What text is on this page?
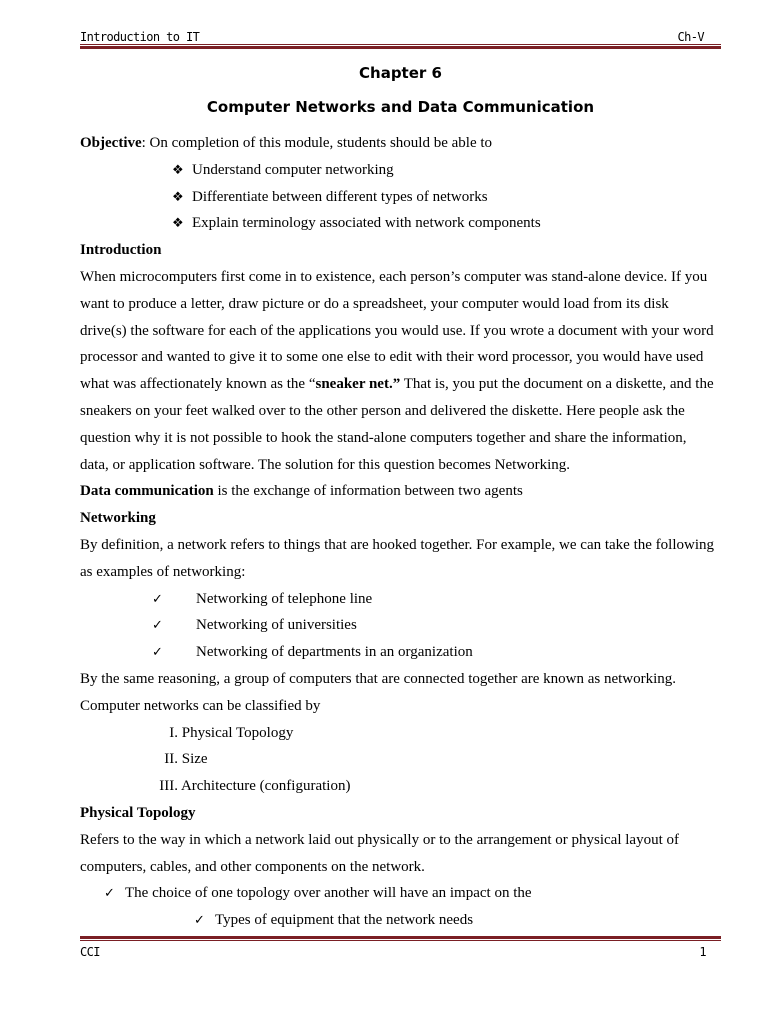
Introduction to IT	Ch-V
Chapter 6
Computer Networks and Data Communication
Objective: On completion of this module, students should be able to
❖ Understand computer networking
❖ Differentiate between different types of networks
❖ Explain terminology associated with network components
Introduction
When microcomputers first come in to existence, each person’s computer was stand-alone device. If you
want to produce a letter, draw picture or do a spreadsheet, your computer would load from its disk
drive(s) the software for each of the applications you would use. If you wrote a document with your word
processor and wanted to give it to some one else to edit with their word processor, you would have used
what was affectionately known as the “sneaker net.” That is, you put the document on a diskette, and the
sneakers on your feet walked over to the other person and delivered the diskette. Here people ask the
question why it is not possible to hook the stand-alone computers together and share the information,
data, or application software. The solution for this question becomes Networking.
Data communication is the exchange of information between two agents
Networking
By definition, a network refers to things that are hooked together. For example, we can take the following
as examples of networking:
✓ Networking of telephone line
✓ Networking of universities
✓ Networking of departments in an organization
By the same reasoning, a group of computers that are connected together are known as networking.
Computer networks can be classified by
I. Physical Topology
II. Size
III. Architecture (configuration)
Physical Topology
Refers to the way in which a network laid out physically or to the arrangement or physical layout of
computers, cables, and other components on the network.
✓ The choice of one topology over another will have an impact on the
✓ Types of equipment that the network needs
CCI	1
